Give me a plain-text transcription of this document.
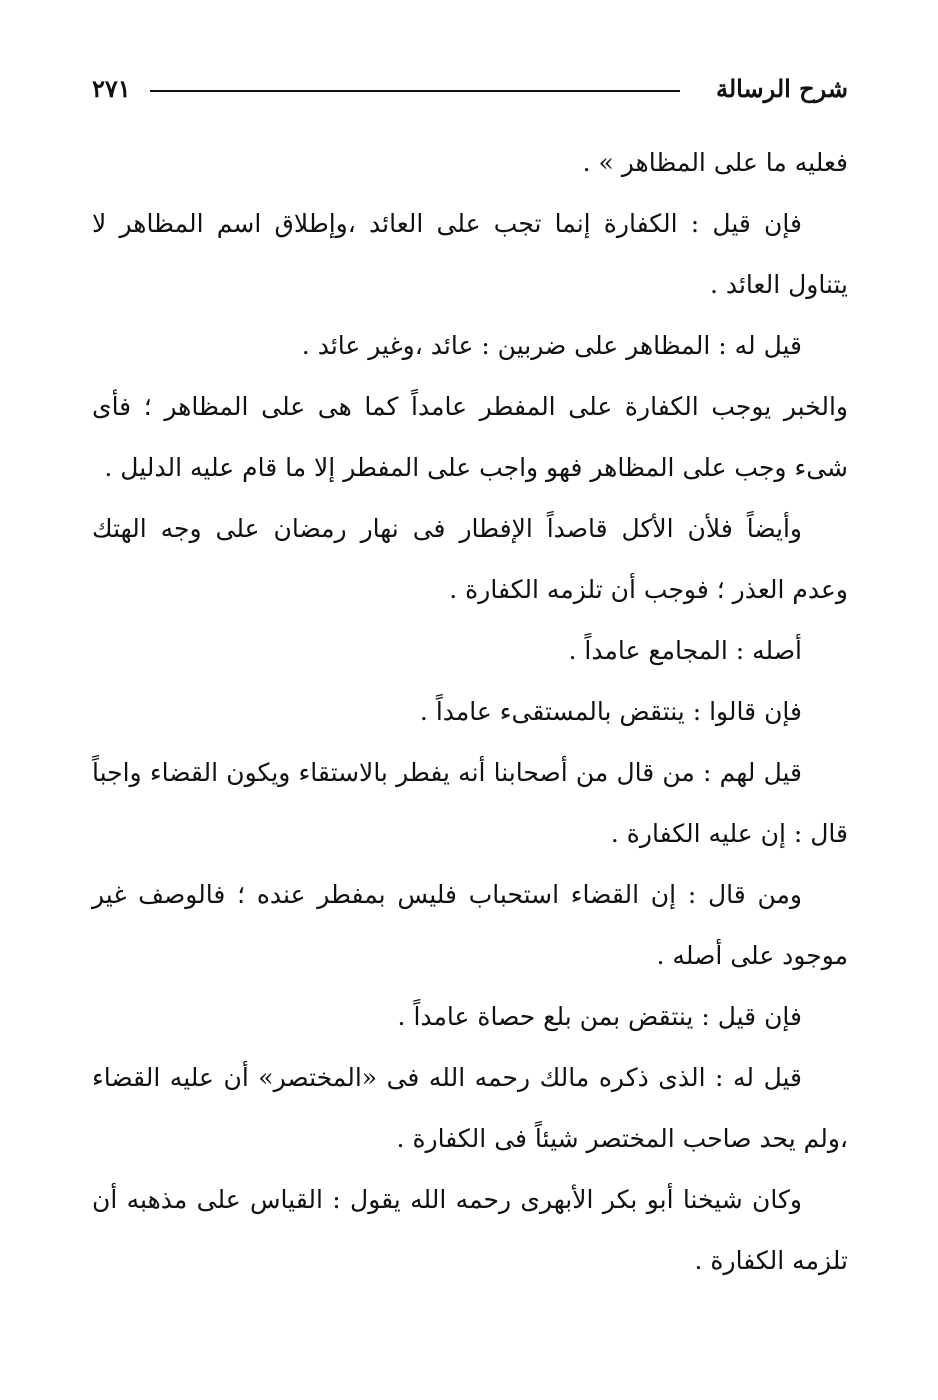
شرح الرسالة
٢٧١

فعليه ما على المظاهر » .

فإن قيل : الكفارة إنما تجب على العائد ،وإطلاق اسم المظاهر لا يتناول العائد .

قيل له : المظاهر على ضربين : عائد ،وغير عائد .

والخبر يوجب الكفارة على المفطر عامداً كما هى على المظاهر ؛ فأى شىء وجب على المظاهر فهو واجب على المفطر إلا ما قام عليه الدليل .

وأيضاً فلأن الأكل قاصداً الإفطار فى نهار رمضان على وجه الهتك وعدم العذر ؛ فوجب أن تلزمه الكفارة .

أصله : المجامع عامداً .

فإن قالوا : ينتقض بالمستقىء عامداً .

قيل لهم : من قال من أصحابنا أنه يفطر بالاستقاء ويكون القضاء واجباً قال : إن عليه الكفارة .

ومن قال : إن القضاء استحباب فليس بمفطر عنده ؛ فالوصف غير موجود على أصله .

فإن قيل : ينتقض بمن بلع حصاة عامداً .

قيل له : الذى ذكره مالك رحمه الله فى «المختصر» أن عليه القضاء ،ولم يحد صاحب المختصر شيئاً فى الكفارة .

وكان شيخنا أبو بكر الأبهرى رحمه الله يقول : القياس على مذهبه أن تلزمه الكفارة .
